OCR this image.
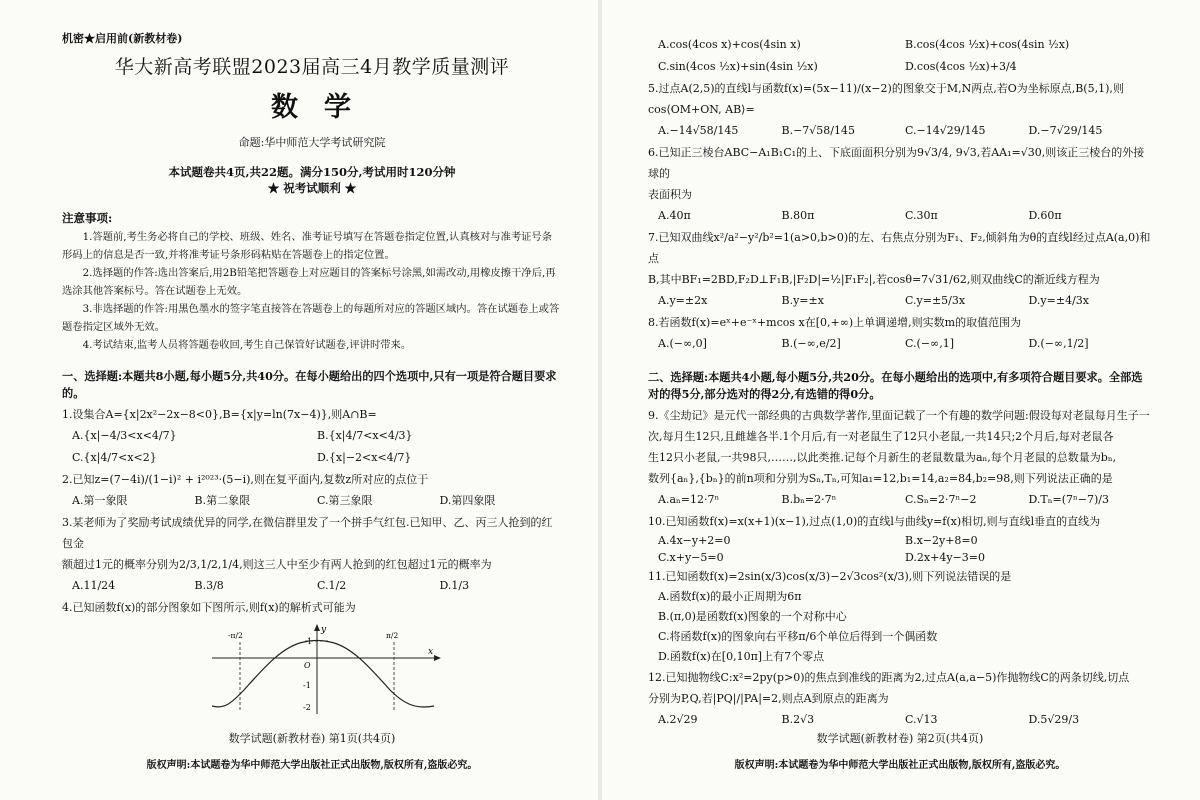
机密★启用前(新教材卷)
华大新高考联盟2023届高三4月教学质量测评
数学
命题:华中师范大学考试研究院
本试题卷共4页,共22题。满分150分,考试用时120分钟
★ 祝考试顺利 ★
注意事项:
1.答题前,考生务必将自己的学校、班级、姓名、准考证号填写在答题卷指定位置,认真核对与准考证号条形码上的信息是否一致,并将准考证号条形码粘贴在答题卷上的指定位置。
2.选择题的作答:选出答案后,用2B铅笔把答题卷上对应题目的答案标号涂黑,如需改动,用橡皮擦干净后,再选涂其他答案标号。答在试题卷上无效。
3.非选择题的作答:用黑色墨水的签字笔直接答在答题卷上的每题所对应的答题区域内。答在试题卷上或答题卷指定区域外无效。
4.考试结束,监考人员将答题卷收回,考生自己保管好试题卷,评讲时带来。
一、选择题:本题共8小题,每小题5分,共40分。在每小题给出的四个选项中,只有一项是符合题目要求的。
1.设集合A={x|2x²−2x−8<0},B={x|y=ln(7x−4)},则A∩B=
A.{x|−4/3<x<4/7}	B.{x|4/7<x<4/3}
C.{x|4/7<x<2}	D.{x|−2<x<4/7}
2.已知z=(7−4i)/(1−i)² + i²⁰²³·(5−i),则在复平面内,复数z所对应的点位于
A.第一象限	B.第二象限	C.第三象限	D.第四象限
3.某老师为了奖励考试成绩优异的同学,在微信群里发了一个拼手气红包.已知甲、乙、丙三人抢到的红包金
额超过1元的概率分别为2/3,1/2,1/4,则这三人中至少有两人抢到的红包超过1元的概率为
A.11/24	B.3/8	C.1/2	D.1/3
4.已知函数f(x)的部分图象如下图所示,则f(x)的解析式可能为
x
y
O
1
-1
-2
-π/2	π/2
数学试题(新教材卷) 第1页(共4页)
版权声明:本试题卷为华中师范大学出版社正式出版物,版权所有,盗版必究。
A.cos(4cos x)+cos(4sin x)	B.cos(4cos ½x)+cos(4sin ½x)
C.sin(4cos ½x)+sin(4sin ½x)	D.cos(4cos ½x)+3/4
5.过点A(2,5)的直线l与函数f(x)=(5x−11)/(x−2)的图象交于M,N两点,若O为坐标原点,B(5,1),则
cos⟨OM+ON, AB⟩=
A.−14√58/145	B.−7√58/145	C.−14√29/145	D.−7√29/145
6.已知正三棱台ABC−A₁B₁C₁的上、下底面面积分别为9√3/4, 9√3,若AA₁=√30,则该正三棱台的外接球的
表面积为
A.40π	B.80π	C.30π	D.60π
7.已知双曲线x²/a²−y²/b²=1(a>0,b>0)的左、右焦点分别为F₁、F₂,倾斜角为θ的直线l经过点A(a,0)和点
B,其中BF₁=2BD,F₂D⊥F₁B,|F₂D|=½|F₁F₂|,若cosθ=7√31/62,则双曲线C的渐近线方程为
A.y=±2x	B.y=±x	C.y=±5/3x	D.y=±4/3x
8.若函数f(x)=eˣ+e⁻ˣ+mcos x在[0,+∞)上单调递增,则实数m的取值范围为
A.(−∞,0]	B.(−∞,e/2]	C.(−∞,1]	D.(−∞,1/2]
二、选择题:本题共4小题,每小题5分,共20分。在每小题给出的选项中,有多项符合题目要求。全部选对的得5分,部分选对的得2分,有选错的得0分。
9.《尘劫记》是元代一部经典的古典数学著作,里面记载了一个有趣的数学问题:假设每对老鼠每月生子一
次,每月生12只,且雌雄各半.1个月后,有一对老鼠生了12只小老鼠,一共14只;2个月后,每对老鼠各
生12只小老鼠,一共98只,……,以此类推.记每个月新生的老鼠数量为aₙ,每个月老鼠的总数量为bₙ,
数列{aₙ},{bₙ}的前n项和分别为Sₙ,Tₙ,可知a₁=12,b₁=14,a₂=84,b₂=98,则下列说法正确的是
A.aₙ=12·7ⁿ	B.bₙ=2·7ⁿ	C.Sₙ=2·7ⁿ−2	D.Tₙ=(7ⁿ−7)/3
10.已知函数f(x)=x(x+1)(x−1),过点(1,0)的直线l与曲线y=f(x)相切,则与直线l垂直的直线为
A.4x−y+2=0	B.x−2y+8=0
C.x+y−5=0	D.2x+4y−3=0
11.已知函数f(x)=2sin(x/3)cos(x/3)−2√3cos²(x/3),则下列说法错误的是
A.函数f(x)的最小正周期为6π
B.(π,0)是函数f(x)图象的一个对称中心
C.将函数f(x)的图象向右平移π/6个单位后得到一个偶函数
D.函数f(x)在[0,10π]上有7个零点
12.已知抛物线C:x²=2py(p>0)的焦点到准线的距离为2,过点A(a,a−5)作抛物线C的两条切线,切点
分别为P,Q,若|PQ|/|PA|=2,则点A到原点的距离为
A.2√29	B.2√3	C.√13	D.5√29/3
数学试题(新教材卷) 第2页(共4页)
版权声明:本试题卷为华中师范大学出版社正式出版物,版权所有,盗版必究。
